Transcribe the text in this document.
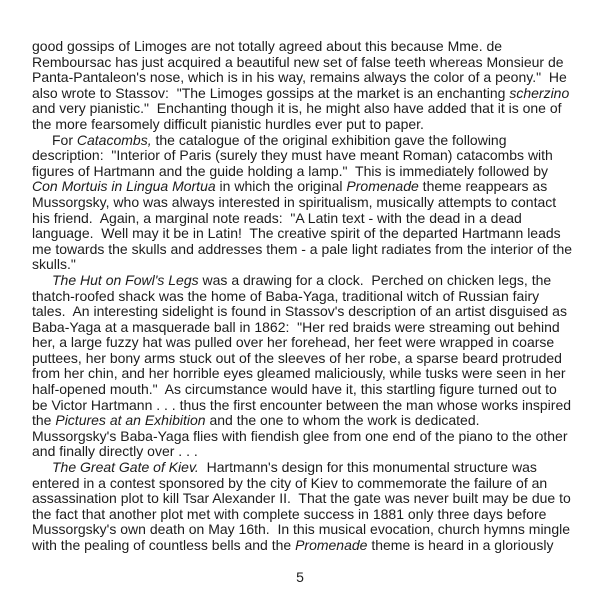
good gossips of Limoges are not totally agreed about this because Mme. de
Remboursac has just acquired a beautiful new set of false teeth whereas Monsieur de
Panta-Pantaleon's nose, which is in his way, remains always the color of a peony."  He
also wrote to Stassov:  "The Limoges gossips at the market is an enchanting scherzino
and very pianistic."  Enchanting though it is, he might also have added that it is one of
the more fearsomely difficult pianistic hurdles ever put to paper.
For Catacombs, the catalogue of the original exhibition gave the following
description:  "Interior of Paris (surely they must have meant Roman) catacombs with
figures of Hartmann and the guide holding a lamp."  This is immediately followed by
Con Mortuis in Lingua Mortua in which the original Promenade theme reappears as
Mussorgsky, who was always interested in spiritualism, musically attempts to contact
his friend.  Again, a marginal note reads:  "A Latin text - with the dead in a dead
language.  Well may it be in Latin!  The creative spirit of the departed Hartmann leads
me towards the skulls and addresses them - a pale light radiates from the interior of the
skulls."
The Hut on Fowl's Legs was a drawing for a clock.  Perched on chicken legs, the
thatch-roofed shack was the home of Baba-Yaga, traditional witch of Russian fairy
tales.  An interesting sidelight is found in Stassov's description of an artist disguised as
Baba-Yaga at a masquerade ball in 1862:  "Her red braids were streaming out behind
her, a large fuzzy hat was pulled over her forehead, her feet were wrapped in coarse
puttees, her bony arms stuck out of the sleeves of her robe, a sparse beard protruded
from her chin, and her horrible eyes gleamed maliciously, while tusks were seen in her
half-opened mouth."  As circumstance would have it, this startling figure turned out to
be Victor Hartmann . . . thus the first encounter between the man whose works inspired
the Pictures at an Exhibition and the one to whom the work is dedicated.
Mussorgsky's Baba-Yaga flies with fiendish glee from one end of the piano to the other
and finally directly over . . .
The Great Gate of Kiev.  Hartmann's design for this monumental structure was
entered in a contest sponsored by the city of Kiev to commemorate the failure of an
assassination plot to kill Tsar Alexander II.  That the gate was never built may be due to
the fact that another plot met with complete success in 1881 only three days before
Mussorgsky's own death on May 16th.  In this musical evocation, church hymns mingle
with the pealing of countless bells and the Promenade theme is heard in a gloriously
5
